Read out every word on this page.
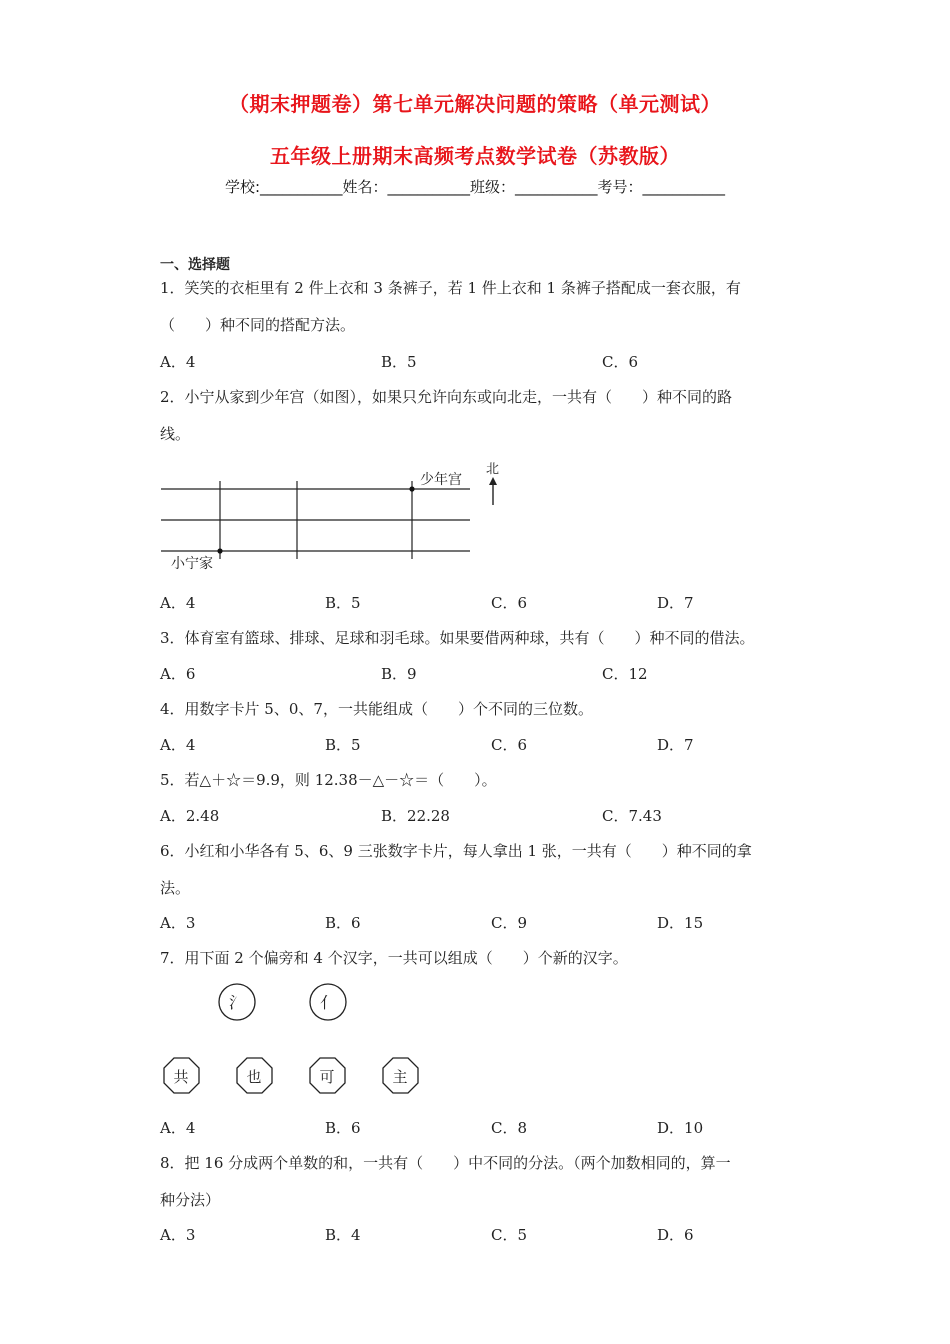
（期末押题卷）第七单元解决问题的策略（单元测试）
五年级上册期末高频考点数学试卷（苏教版）
学校:___________姓名：___________班级：___________考号：___________
一、选择题
1．笑笑的衣柜里有 2 件上衣和 3 条裤子，若 1 件上衣和 1 条裤子搭配成一套衣服，有
（　　）种不同的搭配方法。
A．4	B．5	C．6
2．小宁从家到少年宫（如图），如果只允许向东或向北走，一共有（　　）种不同的路
线。
少年宫
小宁家
北
A．4	B．5	C．6	D．7
3．体育室有篮球、排球、足球和羽毛球。如果要借两种球，共有（　　）种不同的借法。
A．6	B．9	C．12
4．用数字卡片 5、0、7，一共能组成（　　）个不同的三位数。
A．4	B．5	C．6	D．7
5．若△＋☆＝9.9，则 12.38－△－☆＝（　　）。
A．2.48	B．22.28	C．7.43
6．小红和小华各有 5、6、9 三张数字卡片，每人拿出 1 张，一共有（　　）种不同的拿
法。
A．3	B．6	C．9	D．15
7．用下面 2 个偏旁和 4 个汉字，一共可以组成（　　）个新的汉字。
氵	亻
共	也	可	主
A．4	B．6	C．8	D．10
8．把 16 分成两个单数的和，一共有（　　）中不同的分法。（两个加数相同的，算一
种分法）
A．3	B．4	C．5	D．6
